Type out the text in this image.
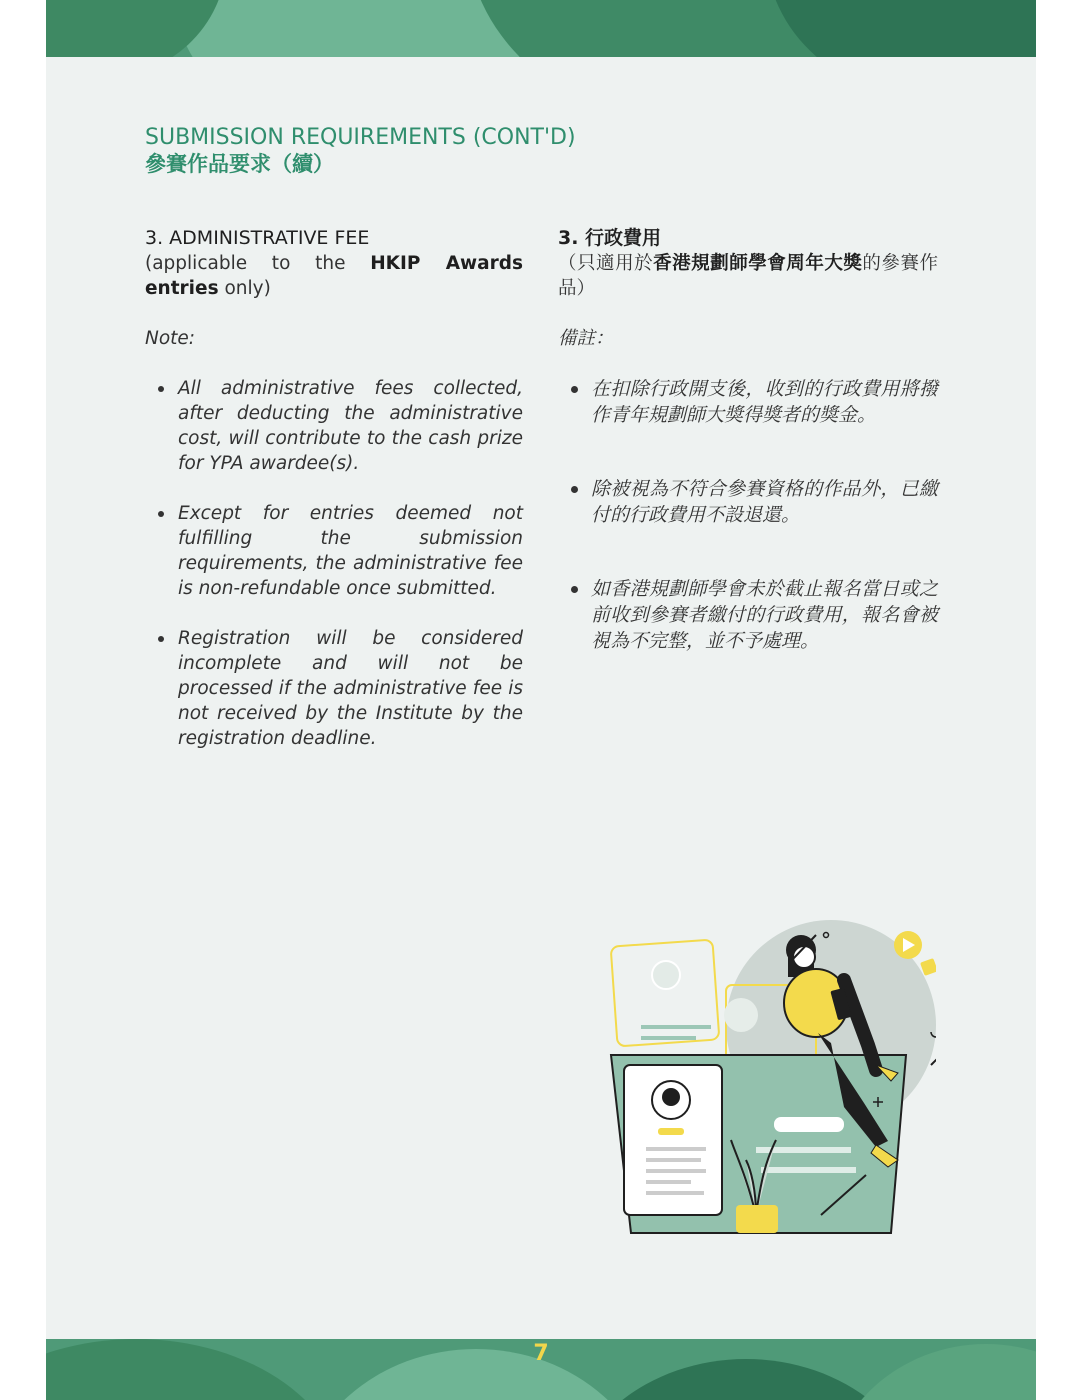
SUBMISSION REQUIREMENTS (CONT'D)
參賽作品要求（續）
3. ADMINISTRATIVE FEE
(applicable to the HKIP Awards entries only)
Note:
All administrative fees collected, after deducting the administrative cost, will contribute to the cash prize for YPA awardee(s).
Except for entries deemed not fulfilling the submission requirements, the administrative fee is non-refundable once submitted.
Registration will be considered incomplete and will not be processed if the administrative fee is not received by the Institute by the registration deadline.
3. 行政費用
（只適用於香港規劃師學會周年大獎的參賽作品）
備註：
在扣除行政開支後，收到的行政費用將撥作青年規劃師大獎得獎者的獎金。
除被視為不符合參賽資格的作品外，已繳付的行政費用不設退還。
如香港規劃師學會未於截止報名當日或之前收到參賽者繳付的行政費用，報名會被視為不完整，並不予處理。
7
